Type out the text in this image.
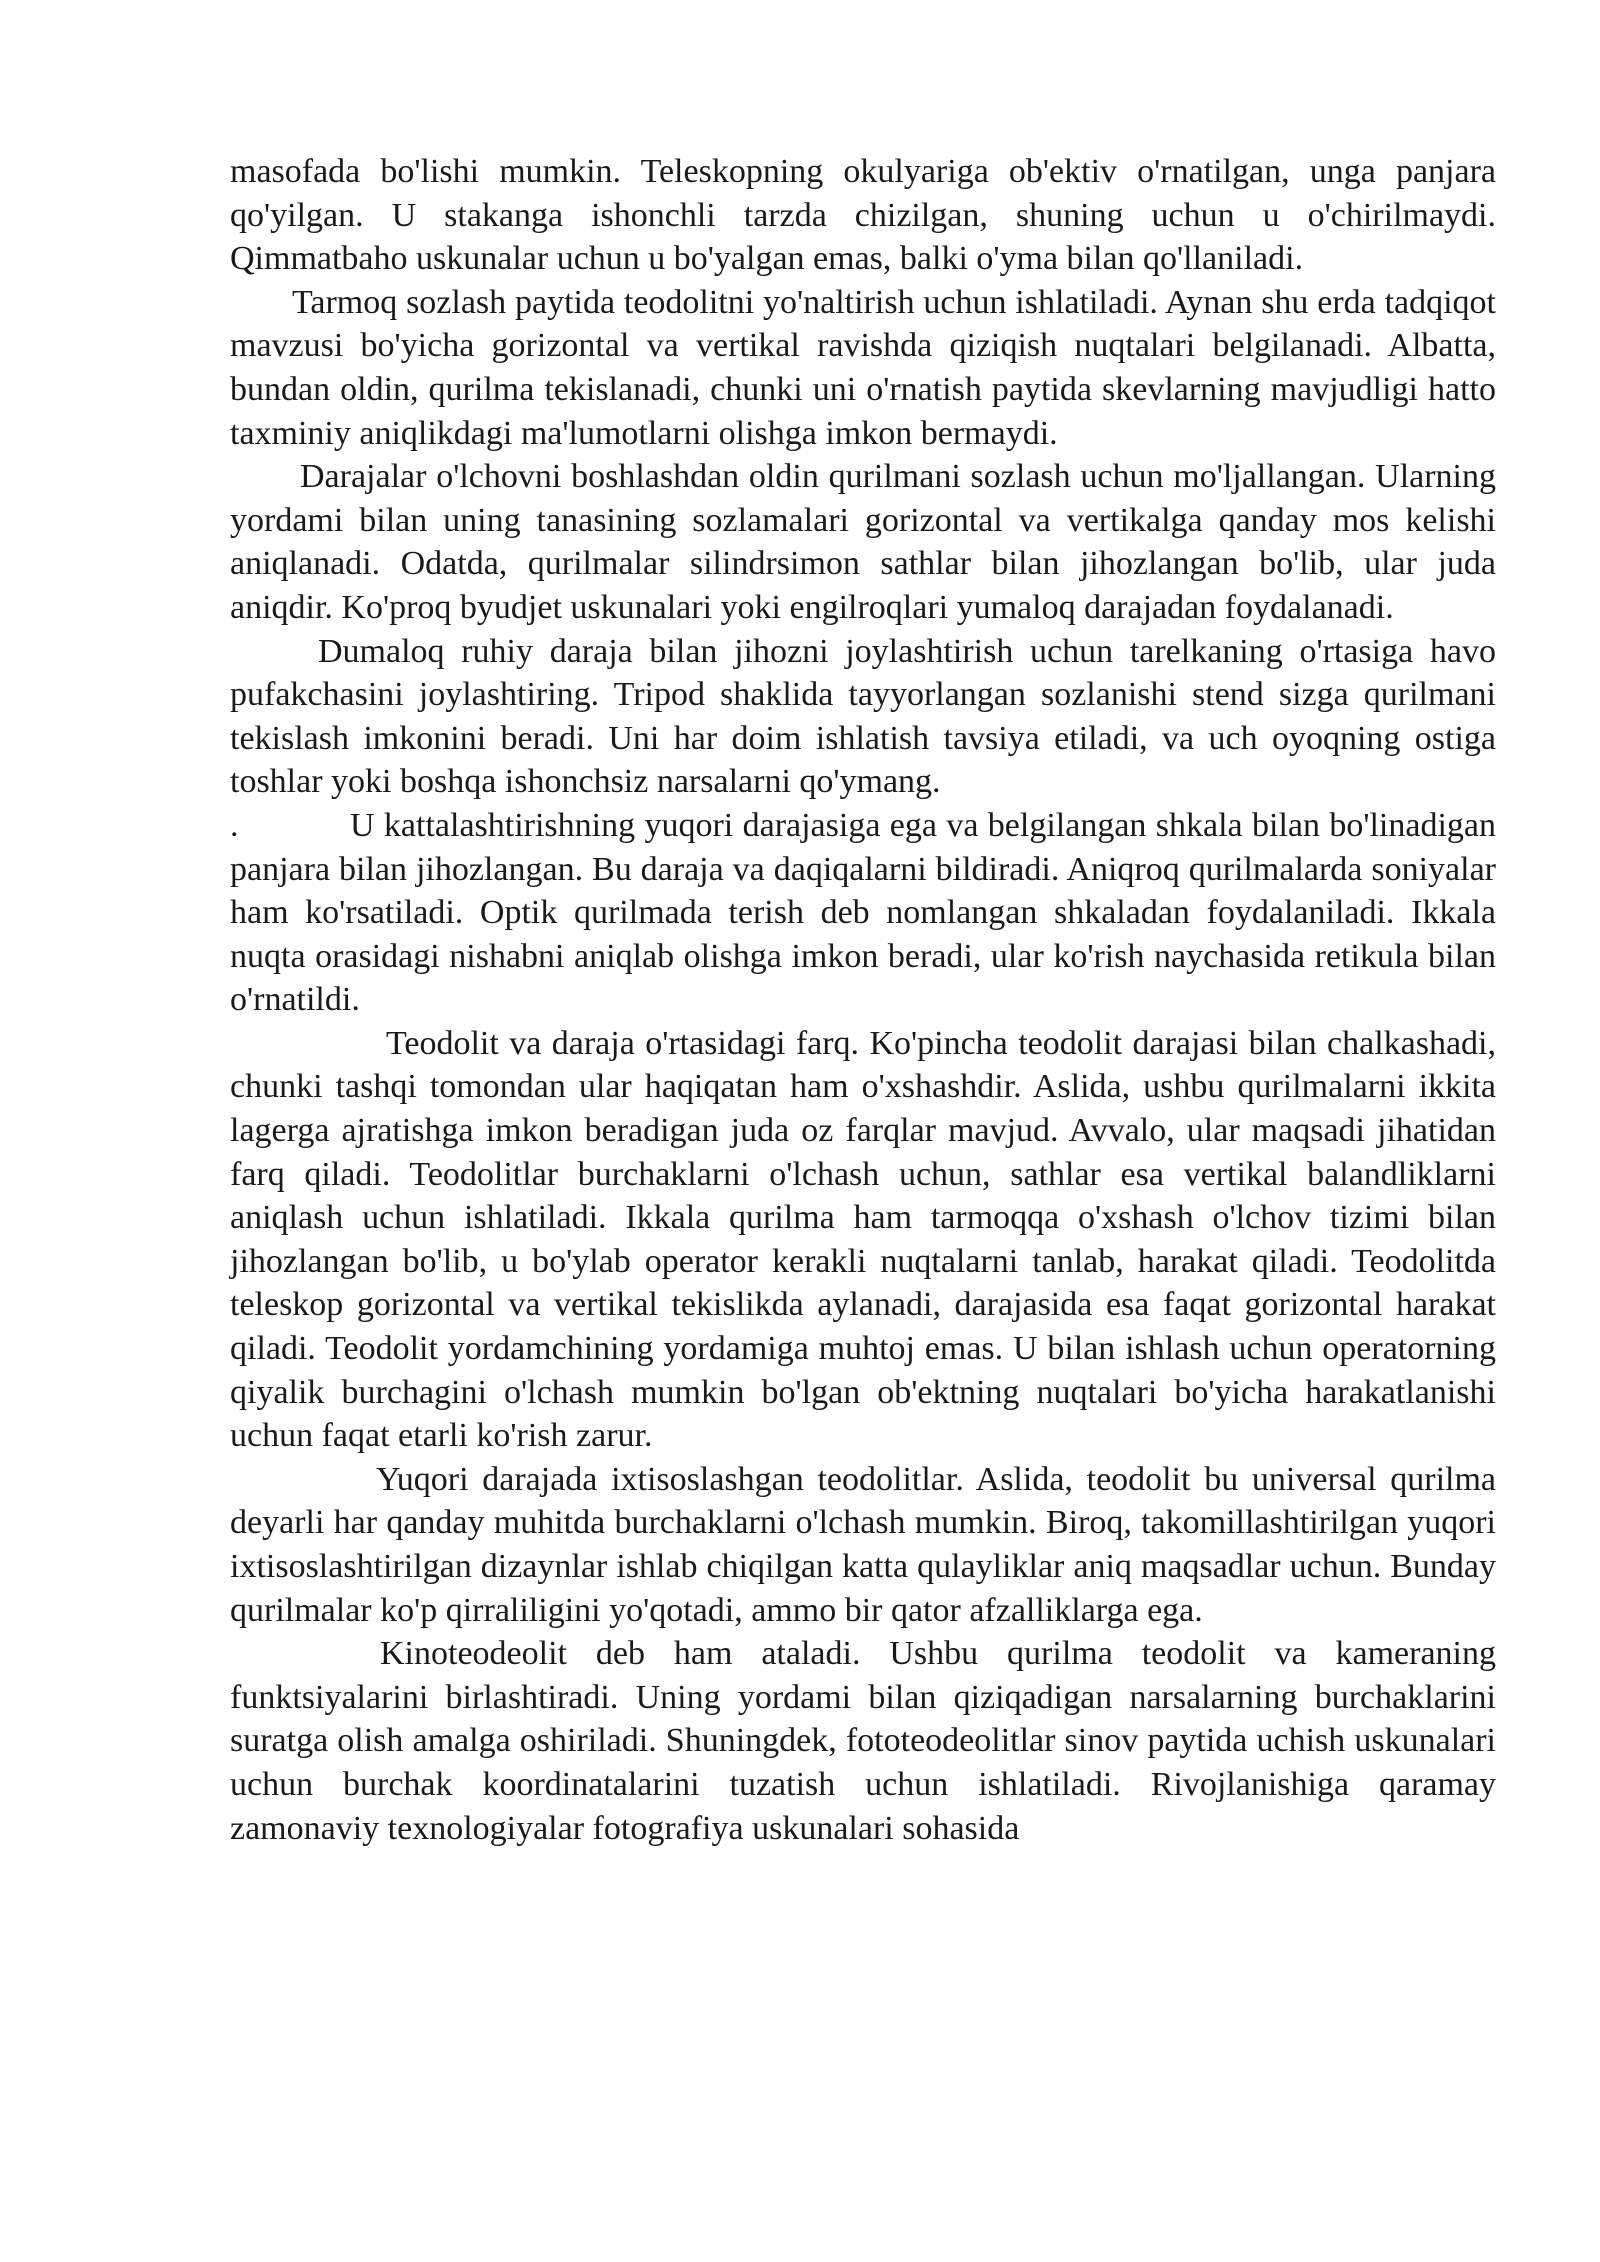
masofada bo'lishi mumkin. Teleskopning okulyariga ob'ektiv o'rnatilgan, unga panjara qo'yilgan. U stakanga ishonchli tarzda chizilgan, shuning uchun u o'chirilmaydi. Qimmatbaho uskunalar uchun u bo'yalgan emas, balki o'yma bilan qo'llaniladi.

Tarmoq sozlash paytida teodolitni yo'naltirish uchun ishlatiladi. Aynan shu erda tadqiqot mavzusi bo'yicha gorizontal va vertikal ravishda qiziqish nuqtalari belgilanadi. Albatta, bundan oldin, qurilma tekislanadi, chunki uni o'rnatish paytida skevlarning mavjudligi hatto taxminiy aniqlikdagi ma'lumotlarni olishga imkon bermaydi.

Darajalar o'lchovni boshlashdan oldin qurilmani sozlash uchun mo'ljallangan. Ularning yordami bilan uning tanasining sozlamalari gorizontal va vertikalga qanday mos kelishi aniqlanadi. Odatda, qurilmalar silindrsimon sathlar bilan jihozlangan bo'lib, ular juda aniqdir. Ko'proq byudjet uskunalari yoki engilroqlari yumaloq darajadan foydalanadi.

Dumaloq ruhiy daraja bilan jihozni joylashtirish uchun tarelkaning o'rtasiga havo pufakchasini joylashtiring. Tripod shaklida tayyorlangan sozlanishi stend sizga qurilmani tekislash imkonini beradi. Uni har doim ishlatish tavsiya etiladi, va uch oyoqning ostiga toshlar yoki boshqa ishonchsiz narsalarni qo'ymang.

.	U kattalashtirishning yuqori darajasiga ega va belgilangan shkala bilan bo'linadigan panjara bilan jihozlangan. Bu daraja va daqiqalarni bildiradi. Aniqroq qurilmalarda soniyalar ham ko'rsatiladi. Optik qurilmada terish deb nomlangan shkaladan foydalaniladi. Ikkala nuqta orasidagi nishabni aniqlab olishga imkon beradi, ular ko'rish naychasida retikula bilan o'rnatildi.

Teodolit va daraja o'rtasidagi farq. Ko'pincha teodolit darajasi bilan chalkashadi, chunki tashqi tomondan ular haqiqatan ham o'xshashdir. Aslida, ushbu qurilmalarni ikkita lagerga ajratishga imkon beradigan juda oz farqlar mavjud. Avvalo, ular maqsadi jihatidan farq qiladi. Teodolitlar burchaklarni o'lchash uchun, sathlar esa vertikal balandliklarni aniqlash uchun ishlatiladi. Ikkala qurilma ham tarmoqqa o'xshash o'lchov tizimi bilan jihozlangan bo'lib, u bo'ylab operator kerakli nuqtalarni tanlab, harakat qiladi. Teodolitda teleskop gorizontal va vertikal tekislikda aylanadi, darajasida esa faqat gorizontal harakat qiladi. Teodolit yordamchining yordamiga muhtoj emas. U bilan ishlash uchun operatorning qiyalik burchagini o'lchash mumkin bo'lgan ob'ektning nuqtalari bo'yicha harakatlanishi uchun faqat etarli ko'rish zarur.

Yuqori darajada ixtisoslashgan teodolitlar. Aslida, teodolit bu universal qurilma deyarli har qanday muhitda burchaklarni o'lchash mumkin. Biroq, takomillashtirilgan yuqori ixtisoslashtirilgan dizaynlar ishlab chiqilgan katta qulayliklar aniq maqsadlar uchun. Bunday qurilmalar ko'p qirraliligini yo'qotadi, ammo bir qator afzalliklarga ega.

Kinoteodeolit deb ham ataladi. Ushbu qurilma teodolit va kameraning funktsiyalarini birlashtiradi. Uning yordami bilan qiziqadigan narsalarning burchaklarini suratga olish amalga oshiriladi. Shuningdek, fototeodeolitlar sinov paytida uchish uskunalari uchun burchak koordinatalarini tuzatish uchun ishlatiladi. Rivojlanishiga qaramay zamonaviy texnologiyalar fotografiya uskunalari sohasida
